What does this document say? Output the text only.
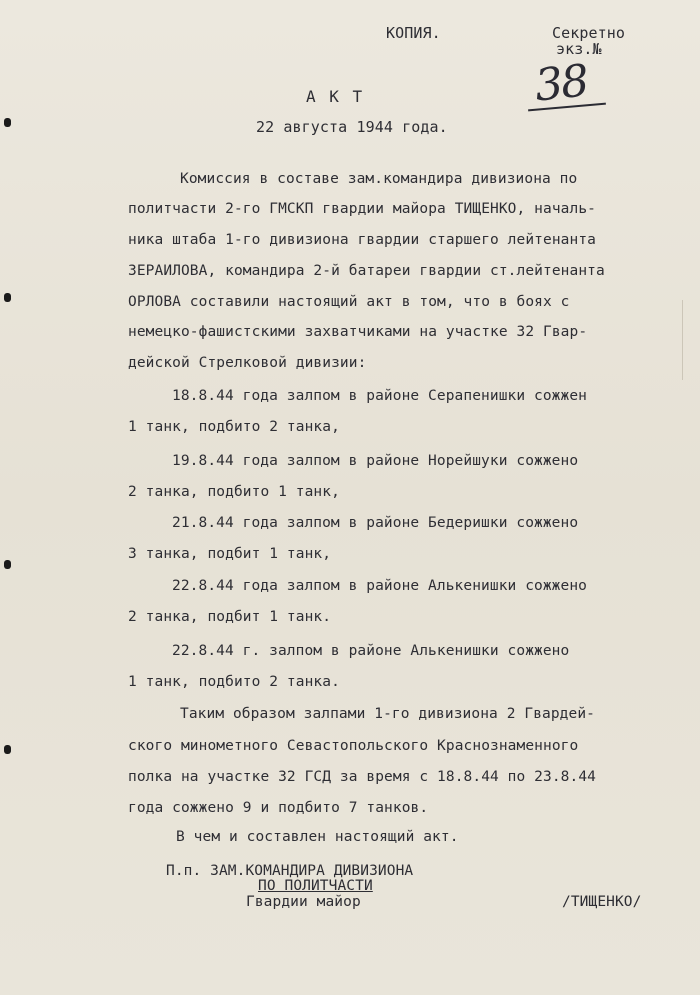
КОПИЯ.	Секретно

экз.№

38

А К Т

22 августа 1944 года.

Комиссия в составе зам.командира дивизиона по

политчасти 2-го ГМСКП гвардии майора ТИЩЕНКО, началь-

ника штаба 1-го дивизиона гвардии старшего лейтенанта

ЗЕРАИЛОВА, командира 2-й батареи гвардии ст.лейтенанта

ОРЛОВА составили настоящий акт в том, что в боях с

немецко-фашистскими захватчиками на участке 32 Гвар-

дейской Стрелковой дивизии:

18.8.44 года залпом в районе Серапенишки сожжен

1 танк, подбито 2 танка,

19.8.44 года залпом в районе Норейшуки сожжено

2 танка, подбито 1 танк,

21.8.44 года залпом в районе Бедеришки сожжено

3 танка, подбит 1 танк,

22.8.44 года залпом в районе Алькенишки сожжено

2 танка, подбит 1 танк.

22.8.44 г. залпом в районе Алькенишки сожжено

1 танк, подбито 2 танка.

Таким образом залпами 1-го дивизиона 2 Гвардей-

ского минометного Севастопольского Краснознаменного

полка на участке 32 ГСД за время с 18.8.44 по 23.8.44

года сожжено 9 и подбито 7 танков.

В чем и составлен настоящий акт.

П.п. ЗАМ.КОМАНДИРА ДИВИЗИОНА

ПО ПОЛИТЧАСТИ

Гвардии майор	/ТИЩЕНКО/
